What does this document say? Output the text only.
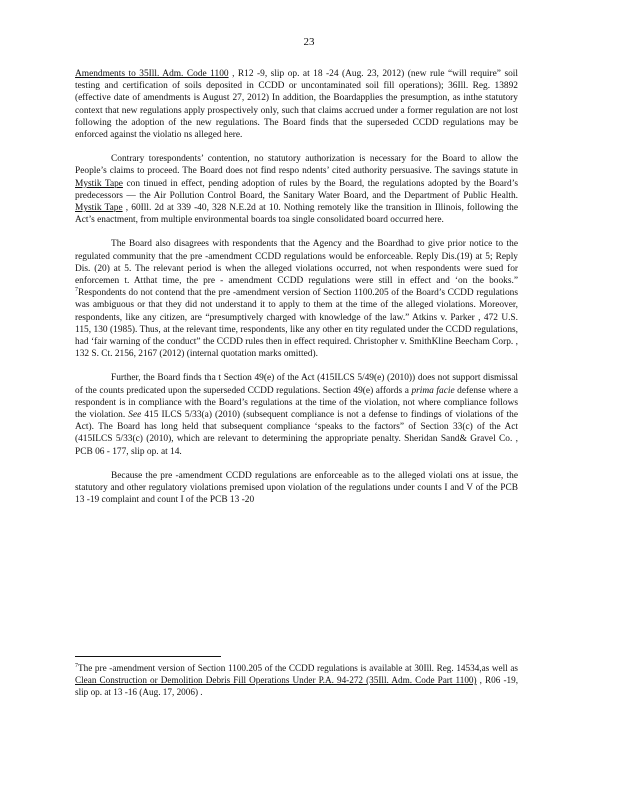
23

Amendments to 35Ill. Adm. Code 1100 , R12 -9, slip op. at 18 -24 (Aug. 23, 2012) (new rule “will require” soil testing and certification of soils deposited in CCDD or uncontaminated soil fill operations); 36Ill. Reg. 13892 (effective date of amendments is August 27, 2012) In addition, the Boardapplies the presumption, as inthe statutory context that new regulations apply prospectively only, such that claims accrued under a former regulation are not lost following the adoption of the new regulations. The Board finds that the superseded CCDD regulations may be enforced against the violatio ns alleged here.

Contrary torespondents’ contention, no statutory authorization is necessary for the Board to allow the People’s claims to proceed. The Board does not find respo ndents’ cited authority persuasive. The savings statute in Mystik Tape con tinued in effect, pending adoption of rules by the Board, the regulations adopted by the Board’s predecessors — the Air Pollution Control Board, the Sanitary Water Board, and the Department of Public Health. Mystik Tape , 60Ill. 2d at 339 -40, 328 N.E.2d at 10. Nothing remotely like the transition in Illinois, following the Act’s enactment, from multiple environmental boards toa single consolidated board occurred here.

The Board also disagrees with respondents that the Agency and the Boardhad to give prior notice to the regulated community that the pre -amendment CCDD regulations would be enforceable. Reply Dis.(19) at 5; Reply Dis. (20) at 5. The relevant period is when the alleged violations occurred, not when respondents were sued for enforcemen t. Atthat time, the pre - amendment CCDD regulations were still in effect and ‘on the books.” $^7$Respondents do not contend that the pre -amendment version of Section 1100.205 of the Board’s CCDD regulations was ambiguous or that they did not understand it to apply to them at the time of the alleged violations. Moreover, respondents, like any citizen, are “presumptively charged with knowledge of the law.” Atkins v. Parker , 472 U.S. 115, 130 (1985). Thus, at the relevant time, respondents, like any other en tity regulated under the CCDD regulations, had ‘fair warning of the conduct” the CCDD rules then in effect required. Christopher v. SmithKline Beecham Corp. , 132 S. Ct. 2156, 2167 (2012) (internal quotation marks omitted).

Further, the Board finds tha t Section 49(e) of the Act (415ILCS 5/49(e) (2010)) does not support dismissal of the counts predicated upon the superseded CCDD regulations. Section 49(e) affords a prima facie defense where a respondent is in compliance with the Board’s regulations at the time of the violation, not where compliance follows the violation. See 415 ILCS 5/33(a) (2010) (subsequent compliance is not a defense to findings of violations of the Act). The Board has long held that subsequent compliance ‘speaks to the factors” of Section 33(c) of the Act (415ILCS 5/33(c) (2010), which are relevant to determining the appropriate penalty. Sheridan Sand& Gravel Co. , PCB 06 - 177, slip op. at 14.

Because the pre -amendment CCDD regulations are enforceable as to the alleged violati ons at issue, the statutory and other regulatory violations premised upon violation of the regulations under counts I and V of the PCB 13 -19 complaint and count I of the PCB 13 -20

$^7$The pre -amendment version of Section 1100.205 of the CCDD regulations is available at 30Ill. Reg. 14534,as well as Clean Construction or Demolition Debris Fill Operations Under P.A. 94-272 (35Ill. Adm. Code Part 1100) , R06 -19, slip op. at 13 -16 (Aug. 17, 2006) .
